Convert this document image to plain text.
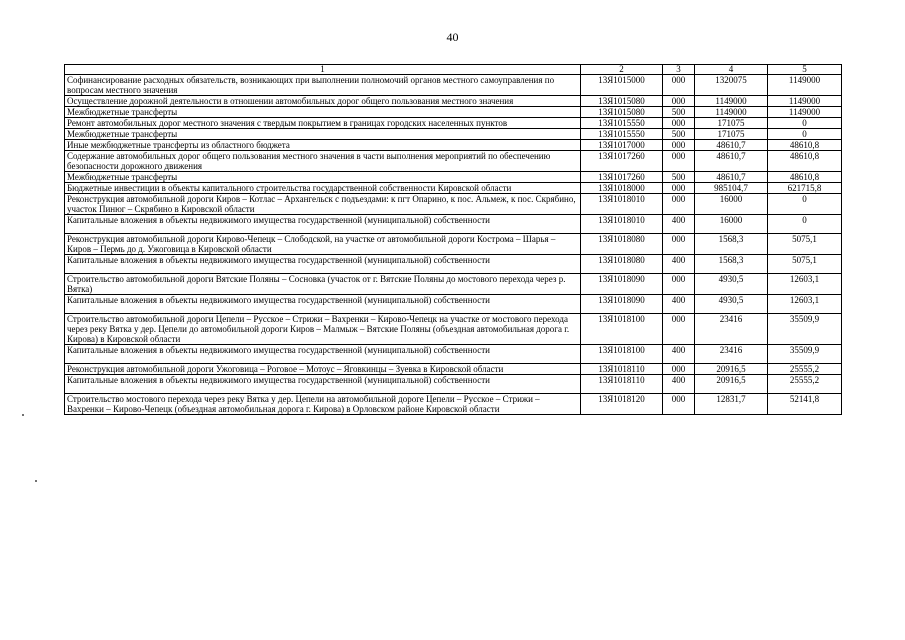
40
1	2	3	4	5
Софинансирование расходных обязательств, возникающих при выполнении полномочий органов местного самоуправления по вопросам местного значения	13Я1015000	000	1320075	1149000
Осуществление дорожной деятельности в отношении автомобильных дорог общего пользования местного значения	13Я1015080	000	1149000	1149000
Межбюджетные трансферты	13Я1015080	500	1149000	1149000
Ремонт автомобильных дорог местного значения с твердым покрытием в границах городских населенных пунктов	13Я1015550	000	171075	0
Межбюджетные трансферты	13Я1015550	500	171075	0
Иные межбюджетные трансферты из областного бюджета	13Я1017000	000	48610,7	48610,8
Содержание автомобильных дорог общего пользования местного значения в части выполнения мероприятий по обеспечению безопасности дорожного движения	13Я1017260	000	48610,7	48610,8
Межбюджетные трансферты	13Я1017260	500	48610,7	48610,8
Бюджетные инвестиции в объекты капитального строительства государственной собственности Кировской области	13Я1018000	000	985104,7	621715,8
Реконструкция автомобильной дороги Киров – Котлас – Архангельск с подъездами: к пгт Опарино, к пос. Альмеж, к пос. Скрябино, участок Пинюг – Скрябино в Кировской области	13Я1018010	000	16000	0
Капитальные вложения в объекты недвижимого имущества государственной (муниципальной) собственности	13Я1018010	400	16000	0
Реконструкция автомобильной дороги Кирово-Чепецк – Слободской, на участке от автомобильной дороги Кострома – Шарья – Киров – Пермь до д. Ужоговица в Кировской области	13Я1018080	000	1568,3	5075,1
Капитальные вложения в объекты недвижимого имущества государственной (муниципальной) собственности	13Я1018080	400	1568,3	5075,1
Строительство автомобильной дороги Вятские Поляны – Сосновка (участок от г. Вятские Поляны до мостового перехода через р. Вятка)	13Я1018090	000	4930,5	12603,1
Капитальные вложения в объекты недвижимого имущества государственной (муниципальной) собственности	13Я1018090	400	4930,5	12603,1
Строительство автомобильной дороги Цепели – Русское – Стрижи – Вахренки – Кирово-Чепецк на участке от мостового перехода через реку Вятка у дер. Цепели до автомобильной дороги Киров – Малмыж – Вятские Поляны (объездная автомобильная дорога г. Кирова) в Кировской области	13Я1018100	000	23416	35509,9
Капитальные вложения в объекты недвижимого имущества государственной (муниципальной) собственности	13Я1018100	400	23416	35509,9
Реконструкция автомобильной дороги Ужоговица – Роговое – Мотоус – Яговкинцы – Зуевка в Кировской области	13Я1018110	000	20916,5	25555,2
Капитальные вложения в объекты недвижимого имущества государственной (муниципальной) собственности	13Я1018110	400	20916,5	25555,2
Строительство мостового перехода через реку Вятка у дер. Цепели на автомобильной дороге Цепели – Русское – Стрижи – Вахренки – Кирово-Чепецк (объездная автомобильная дорога г. Кирова) в Орловском районе Кировской области	13Я1018120	000	12831,7	52141,8
